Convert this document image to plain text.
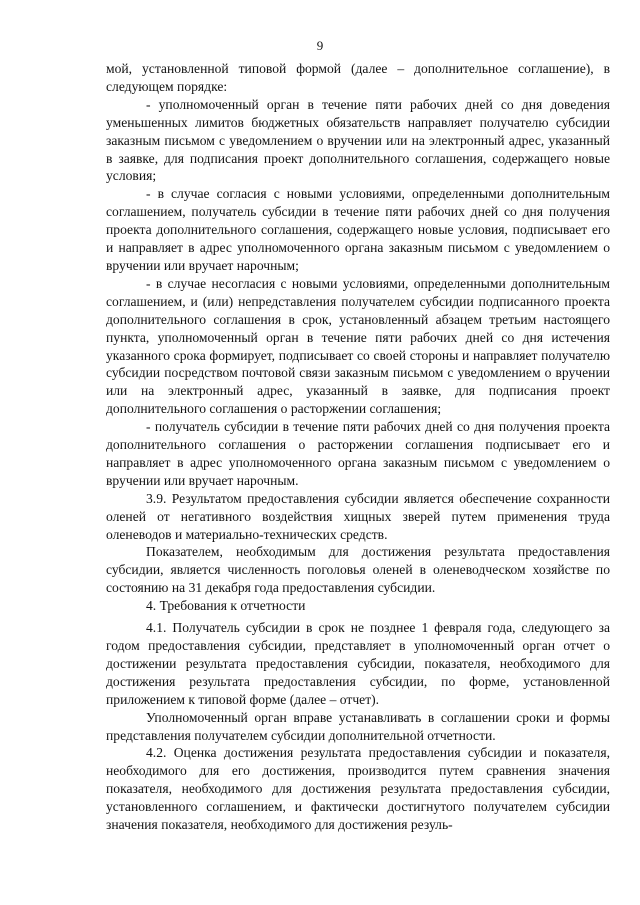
9

мой, установленной типовой формой (далее – дополнительное соглашение), в следующем порядке:

- уполномоченный орган в течение пяти рабочих дней со дня доведения уменьшенных лимитов бюджетных обязательств направляет получателю субсидии заказным письмом с уведомлением о вручении или на электронный адрес, указанный в заявке, для подписания проект дополнительного соглашения, содержащего новые условия;

- в случае согласия с новыми условиями, определенными дополнительным соглашением, получатель субсидии в течение пяти рабочих дней со дня получения проекта дополнительного соглашения, содержащего новые условия, подписывает его и направляет в адрес уполномоченного органа заказным письмом с уведомлением о вручении или вручает нарочным;

- в случае несогласия с новыми условиями, определенными дополнительным соглашением, и (или) непредставления получателем субсидии подписанного проекта дополнительного соглашения в срок, установленный абзацем третьим настоящего пункта, уполномоченный орган в течение пяти рабочих дней со дня истечения указанного срока формирует, подписывает со своей стороны и направляет получателю субсидии посредством почтовой связи заказным письмом с уведомлением о вручении или на электронный адрес, указанный в заявке, для подписания проект дополнительного соглашения о расторжении соглашения;

- получатель субсидии в течение пяти рабочих дней со дня получения проекта дополнительного соглашения о расторжении соглашения подписывает его и направляет в адрес уполномоченного органа заказным письмом с уведомлением о вручении или вручает нарочным.

3.9. Результатом предоставления субсидии является обеспечение сохранности оленей от негативного воздействия хищных зверей путем применения труда оленеводов и материально-технических средств.

Показателем, необходимым для достижения результата предоставления субсидии, является численность поголовья оленей в оленеводческом хозяйстве по состоянию на 31 декабря года предоставления субсидии.

4. Требования к отчетности

4.1. Получатель субсидии в срок не позднее 1 февраля года, следующего за годом предоставления субсидии, представляет в уполномоченный орган отчет о достижении результата предоставления субсидии, показателя, необходимого для достижения результата предоставления субсидии, по форме, установленной приложением к типовой форме (далее – отчет).

Уполномоченный орган вправе устанавливать в соглашении сроки и формы представления получателем субсидии дополнительной отчетности.

4.2. Оценка достижения результата предоставления субсидии и показателя, необходимого для его достижения, производится путем сравнения значения показателя, необходимого для достижения результата предоставления субсидии, установленного соглашением, и фактически достигнутого получателем субсидии значения показателя, необходимого для достижения резуль-
